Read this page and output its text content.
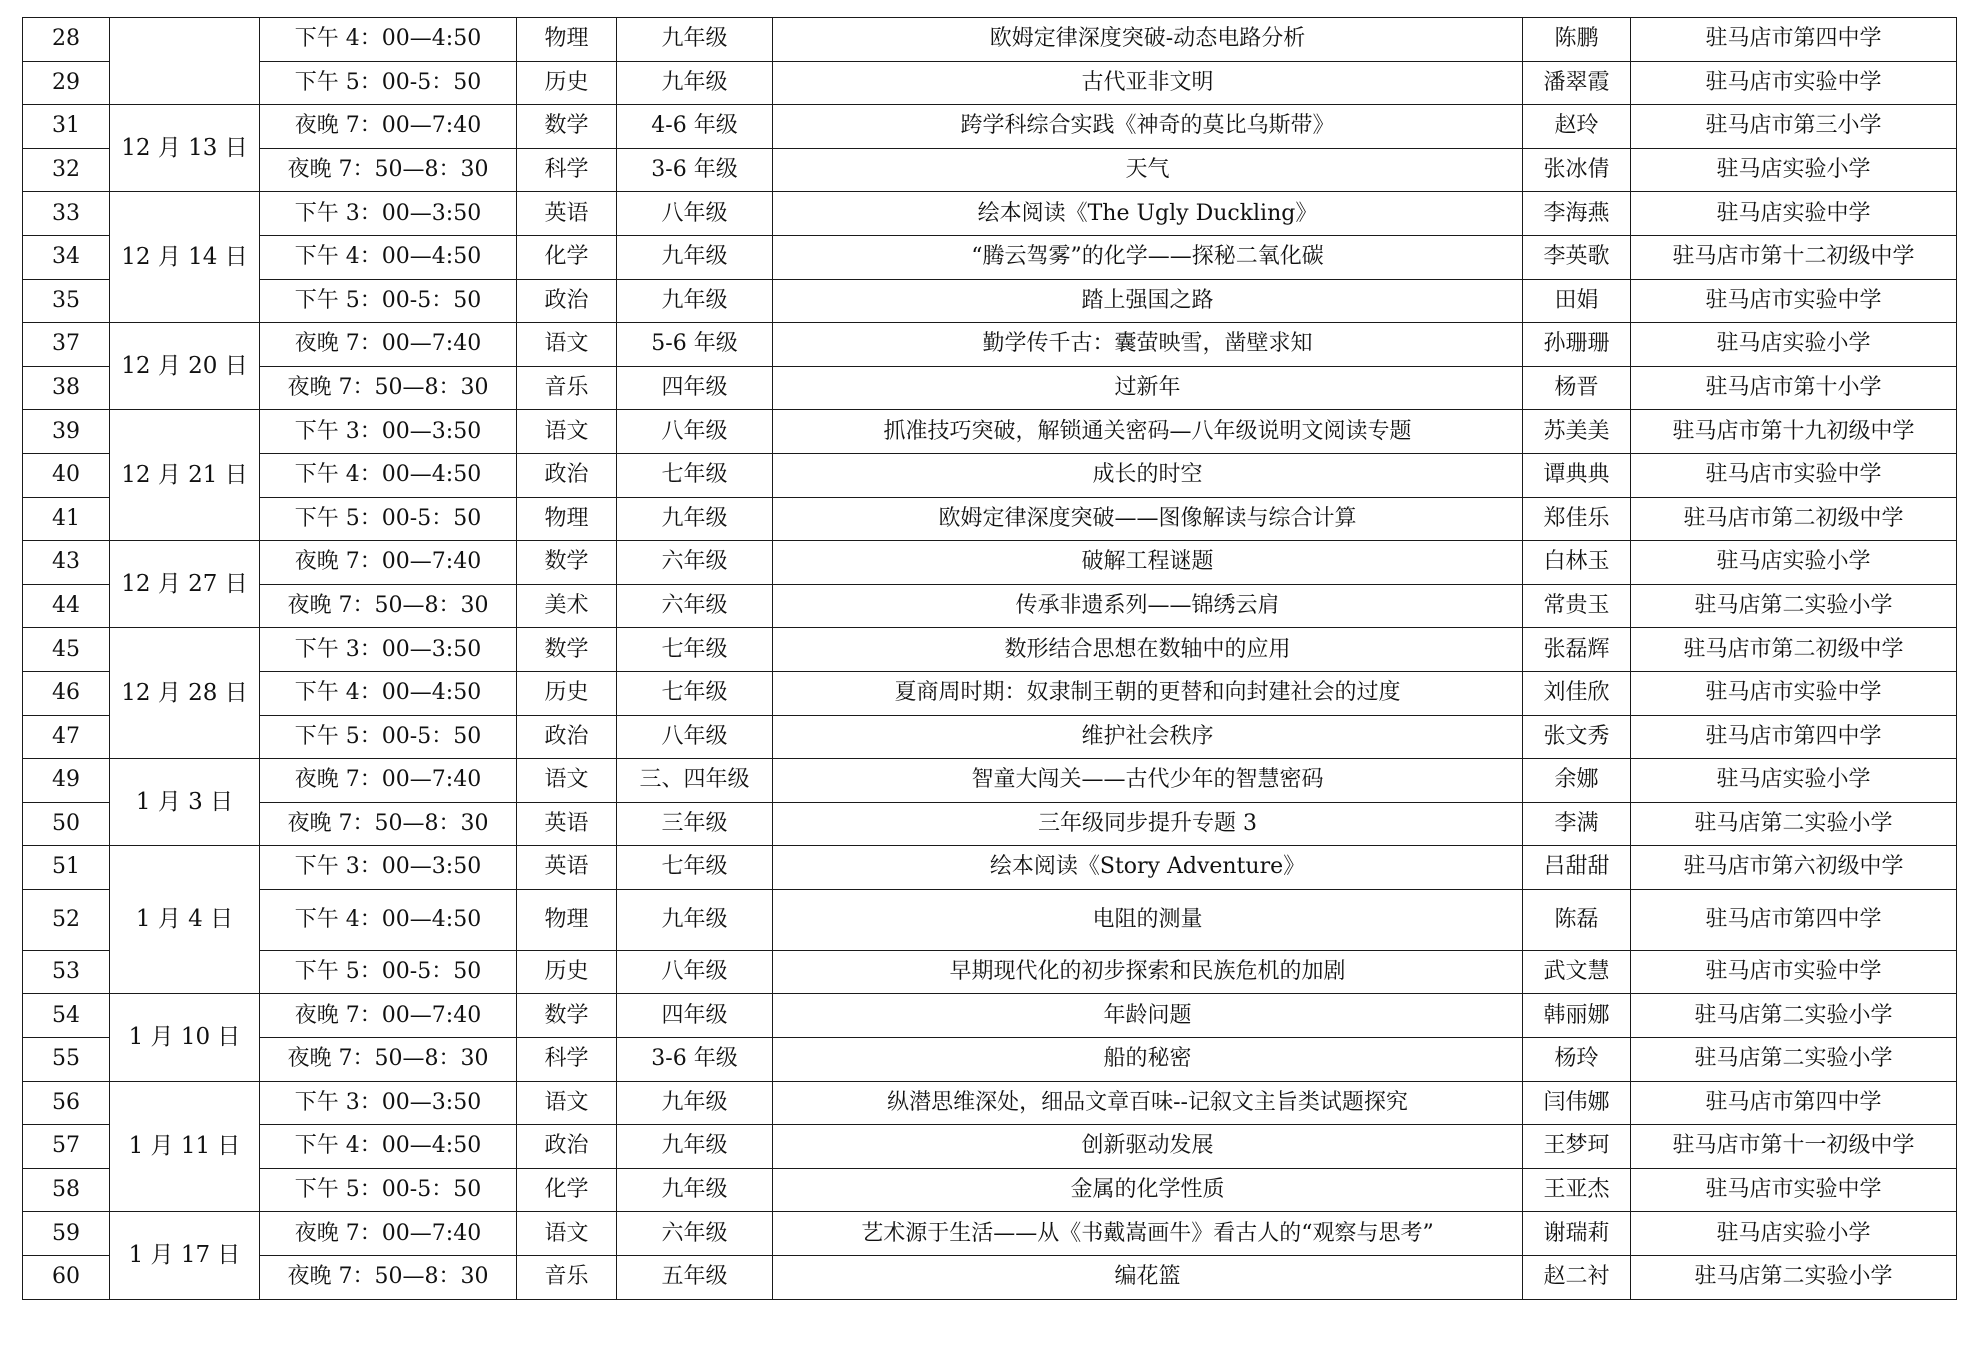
28		下午 4：00—4:50	物理	九年级	欧姆定律深度突破-动态电路分析	陈鹏	驻马店市第四中学
29		下午 5：00-5：50	历史	九年级	古代亚非文明	潘翠霞	驻马店市实验中学
31	12 月 13 日	夜晚 7：00—7:40	数学	4-6 年级	跨学科综合实践《神奇的莫比乌斯带》	赵玲	驻马店市第三小学
32		夜晚 7：50—8：30	科学	3-6 年级	天气	张冰倩	驻马店实验小学
33	12 月 14 日	下午 3：00—3:50	英语	八年级	绘本阅读《The Ugly Duckling》	李海燕	驻马店实验中学
34		下午 4：00—4:50	化学	九年级	“腾云驾雾”的化学——探秘二氧化碳	李英歌	驻马店市第十二初级中学
35		下午 5：00-5：50	政治	九年级	踏上强国之路	田娟	驻马店市实验中学
37	12 月 20 日	夜晚 7：00—7:40	语文	5-6 年级	勤学传千古：囊萤映雪，凿壁求知	孙珊珊	驻马店实验小学
38		夜晚 7：50—8：30	音乐	四年级	过新年	杨晋	驻马店市第十小学
39	12 月 21 日	下午 3：00—3:50	语文	八年级	抓准技巧突破，解锁通关密码—八年级说明文阅读专题	苏美美	驻马店市第十九初级中学
40		下午 4：00—4:50	政治	七年级	成长的时空	谭典典	驻马店市实验中学
41		下午 5：00-5：50	物理	九年级	欧姆定律深度突破——图像解读与综合计算	郑佳乐	驻马店市第二初级中学
43	12 月 27 日	夜晚 7：00—7:40	数学	六年级	破解工程谜题	白林玉	驻马店实验小学
44		夜晚 7：50—8：30	美术	六年级	传承非遗系列——锦绣云肩	常贵玉	驻马店第二实验小学
45	12 月 28 日	下午 3：00—3:50	数学	七年级	数形结合思想在数轴中的应用	张磊辉	驻马店市第二初级中学
46		下午 4：00—4:50	历史	七年级	夏商周时期：奴隶制王朝的更替和向封建社会的过度	刘佳欣	驻马店市实验中学
47		下午 5：00-5：50	政治	八年级	维护社会秩序	张文秀	驻马店市第四中学
49	1 月 3 日	夜晚 7：00—7:40	语文	三、四年级	智童大闯关——古代少年的智慧密码	余娜	驻马店实验小学
50		夜晚 7：50—8：30	英语	三年级	三年级同步提升专题 3	李满	驻马店第二实验小学
51	1 月 4 日	下午 3：00—3:50	英语	七年级	绘本阅读《Story Adventure》	吕甜甜	驻马店市第六初级中学
52		下午 4：00—4:50	物理	九年级	电阻的测量	陈磊	驻马店市第四中学
53		下午 5：00-5：50	历史	八年级	早期现代化的初步探索和民族危机的加剧	武文慧	驻马店市实验中学
54	1 月 10 日	夜晚 7：00—7:40	数学	四年级	年龄问题	韩丽娜	驻马店第二实验小学
55		夜晚 7：50—8：30	科学	3-6 年级	船的秘密	杨玲	驻马店第二实验小学
56	1 月 11 日	下午 3：00—3:50	语文	九年级	纵潜思维深处，细品文章百味--记叙文主旨类试题探究	闫伟娜	驻马店市第四中学
57		下午 4：00—4:50	政治	九年级	创新驱动发展	王梦珂	驻马店市第十一初级中学
58		下午 5：00-5：50	化学	九年级	金属的化学性质	王亚杰	驻马店市实验中学
59	1 月 17 日	夜晚 7：00—7:40	语文	六年级	艺术源于生活——从《书戴嵩画牛》看古人的“观察与思考”	谢瑞莉	驻马店实验小学
60		夜晚 7：50—8：30	音乐	五年级	编花篮	赵二衬	驻马店第二实验小学
